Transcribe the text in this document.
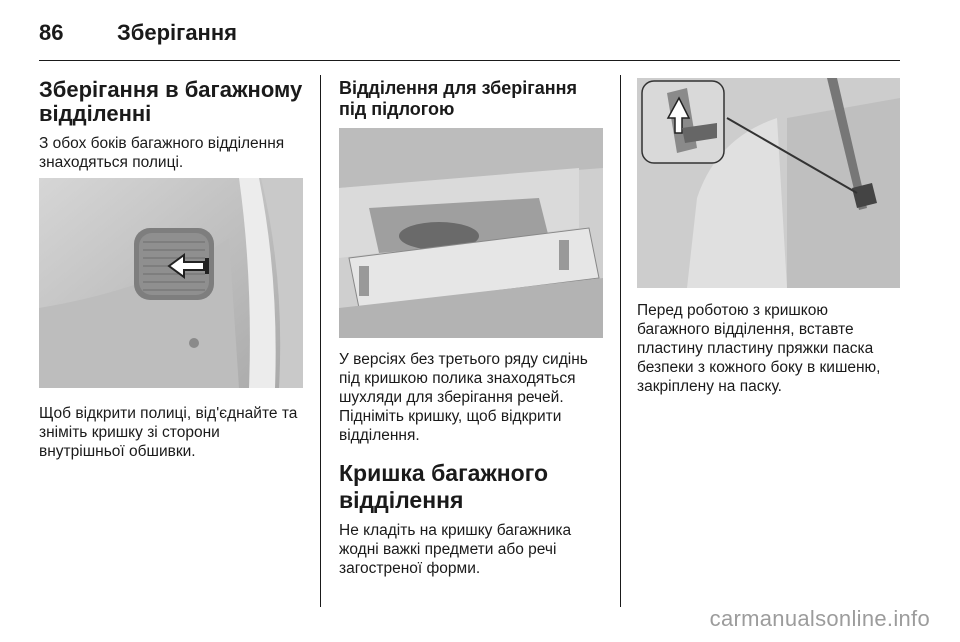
86	Зберігання
Зберігання в багажному відділенні

З обох боків багажного відділення
знаходяться полиці.

Щоб відкрити полиці, від'єднайте та
зніміть кришку зі сторони
внутрішньої обшивки.

Відділення для зберігання під підлогою

У версіях без третього ряду сидінь
під кришкою полика знаходяться
шухляди для зберігання речей.
Підніміть кришку, щоб відкрити
відділення.

Кришка багажного відділення

Не кладіть на кришку багажника
жодні важкі предмети або речі
загостреної форми.

Перед роботою з кришкою
багажного відділення, вставте
пластину пластину пряжки паска
безпеки з кожного боку в кишеню,
закріплену на паску.

carmanualsonline.info
